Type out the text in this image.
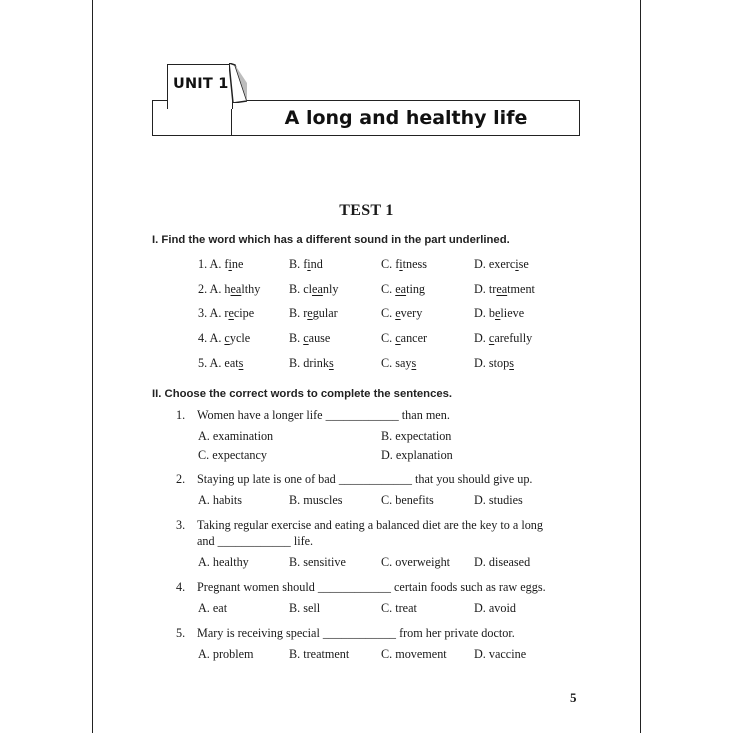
UNIT 1
A long and healthy life
TEST 1
I. Find the word which has a different sound in the part underlined.
1. A. fine	B. find	C. fitness	D. exercise
2. A. healthy B. cleanly	C. eating	D. treatment
3. A. recipe	B. regular	C. every	D. believe
4. A. cycle	B. cause	C. cancer	D. carefully
5. A. eats	B. drinks	C. says	D. stops
II. Choose the correct words to complete the sentences.
1. Women have a longer life ____________ than men.
A. examination	B. expectation
C. expectancy	D. explanation
2. Staying up late is one of bad ____________ that you should give up.
A. habits	B. muscles	C. benefits	D. studies
3. Taking regular exercise and eating a balanced diet are the key to a long
and ____________ life.
A. healthy	B. sensitive	C. overweight D. diseased
4. Pregnant women should ____________ certain foods such as raw eggs.
A. eat	B. sell	C. treat	D. avoid
5. Mary is receiving special ____________ from her private doctor.
A. problem	B. treatment	C. movement D. vaccine
5
